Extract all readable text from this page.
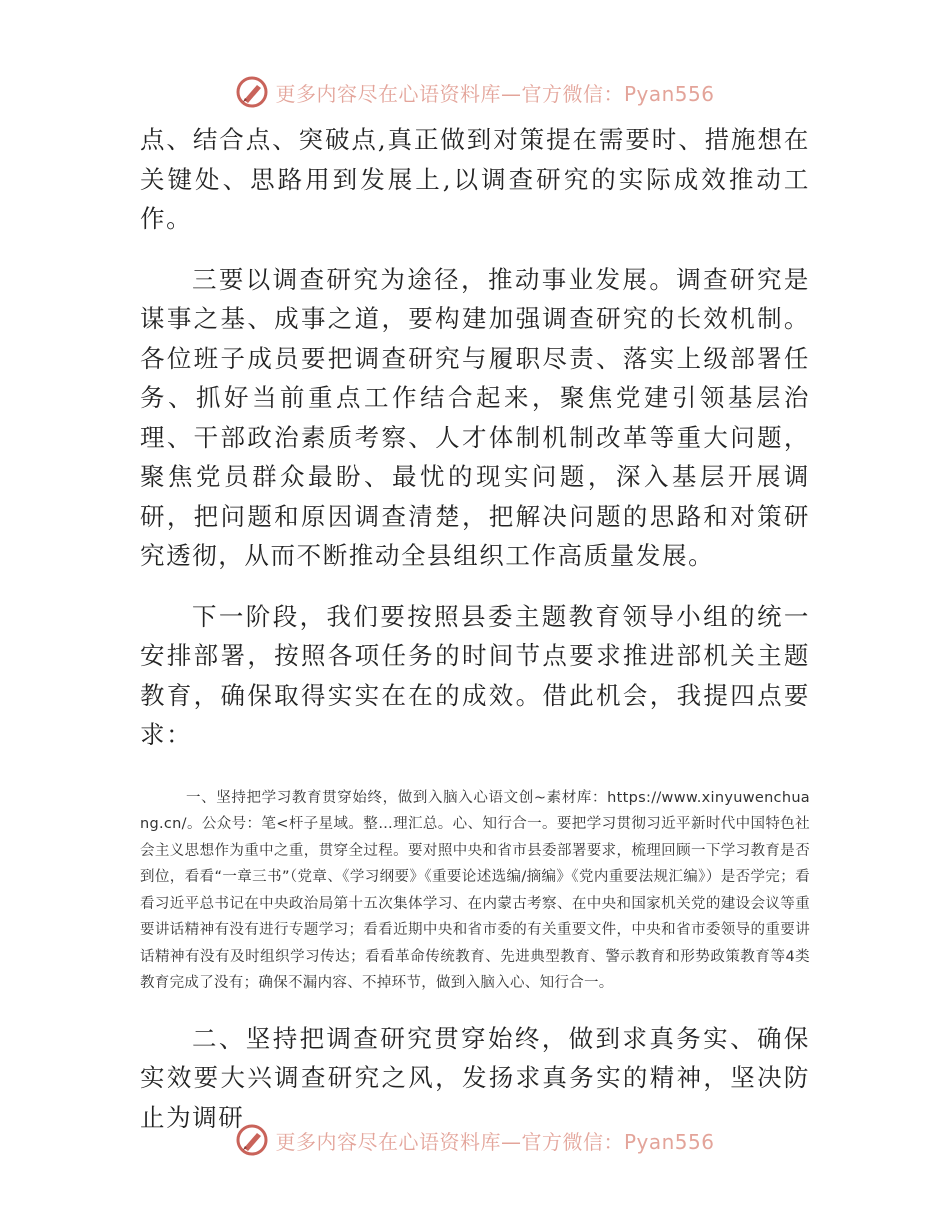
更多内容尽在心语资料库—官方微信：Pyan556

点、结合点、突破点,真正做到对策提在需要时、措施想在关键处、思路用到发展上,以调查研究的实际成效推动工作。

三要以调查研究为途径，推动事业发展。调查研究是谋事之基、成事之道，要构建加强调查研究的长效机制。各位班子成员要把调查研究与履职尽责、落实上级部署任务、抓好当前重点工作结合起来，聚焦党建引领基层治理、干部政治素质考察、人才体制机制改革等重大问题，聚焦党员群众最盼、最忧的现实问题，深入基层开展调研，把问题和原因调查清楚，把解决问题的思路和对策研究透彻，从而不断推动全县组织工作高质量发展。

下一阶段，我们要按照县委主题教育领导小组的统一安排部署，按照各项任务的时间节点要求推进部机关主题教育，确保取得实实在在的成效。借此机会，我提四点要求：

一、坚持把学习教育贯穿始终，做到入脑入心语文创~素材库：https://www.xinyuwenchuang.cn/。公众号：笔<杆子星域。整…理汇总。心、知行合一。要把学习贯彻习近平新时代中国特色社会主义思想作为重中之重，贯穿全过程。要对照中央和省市县委部署要求，梳理回顾一下学习教育是否到位，看看“一章三书”（党章、《学习纲要》《重要论述选编/摘编》《党内重要法规汇编》）是否学完；看看习近平总书记在中央政治局第十五次集体学习、在内蒙古考察、在中央和国家机关党的建设会议等重要讲话精神有没有进行专题学习；看看近期中央和省市委的有关重要文件，中央和省市委领导的重要讲话精神有没有及时组织学习传达；看看革命传统教育、先进典型教育、警示教育和形势政策教育等4类教育完成了没有；确保不漏内容、不掉环节，做到入脑入心、知行合一。

二、坚持把调查研究贯穿始终，做到求真务实、确保实效要大兴调查研究之风，发扬求真务实的精神，坚决防止为调研

更多内容尽在心语资料库—官方微信：Pyan556
